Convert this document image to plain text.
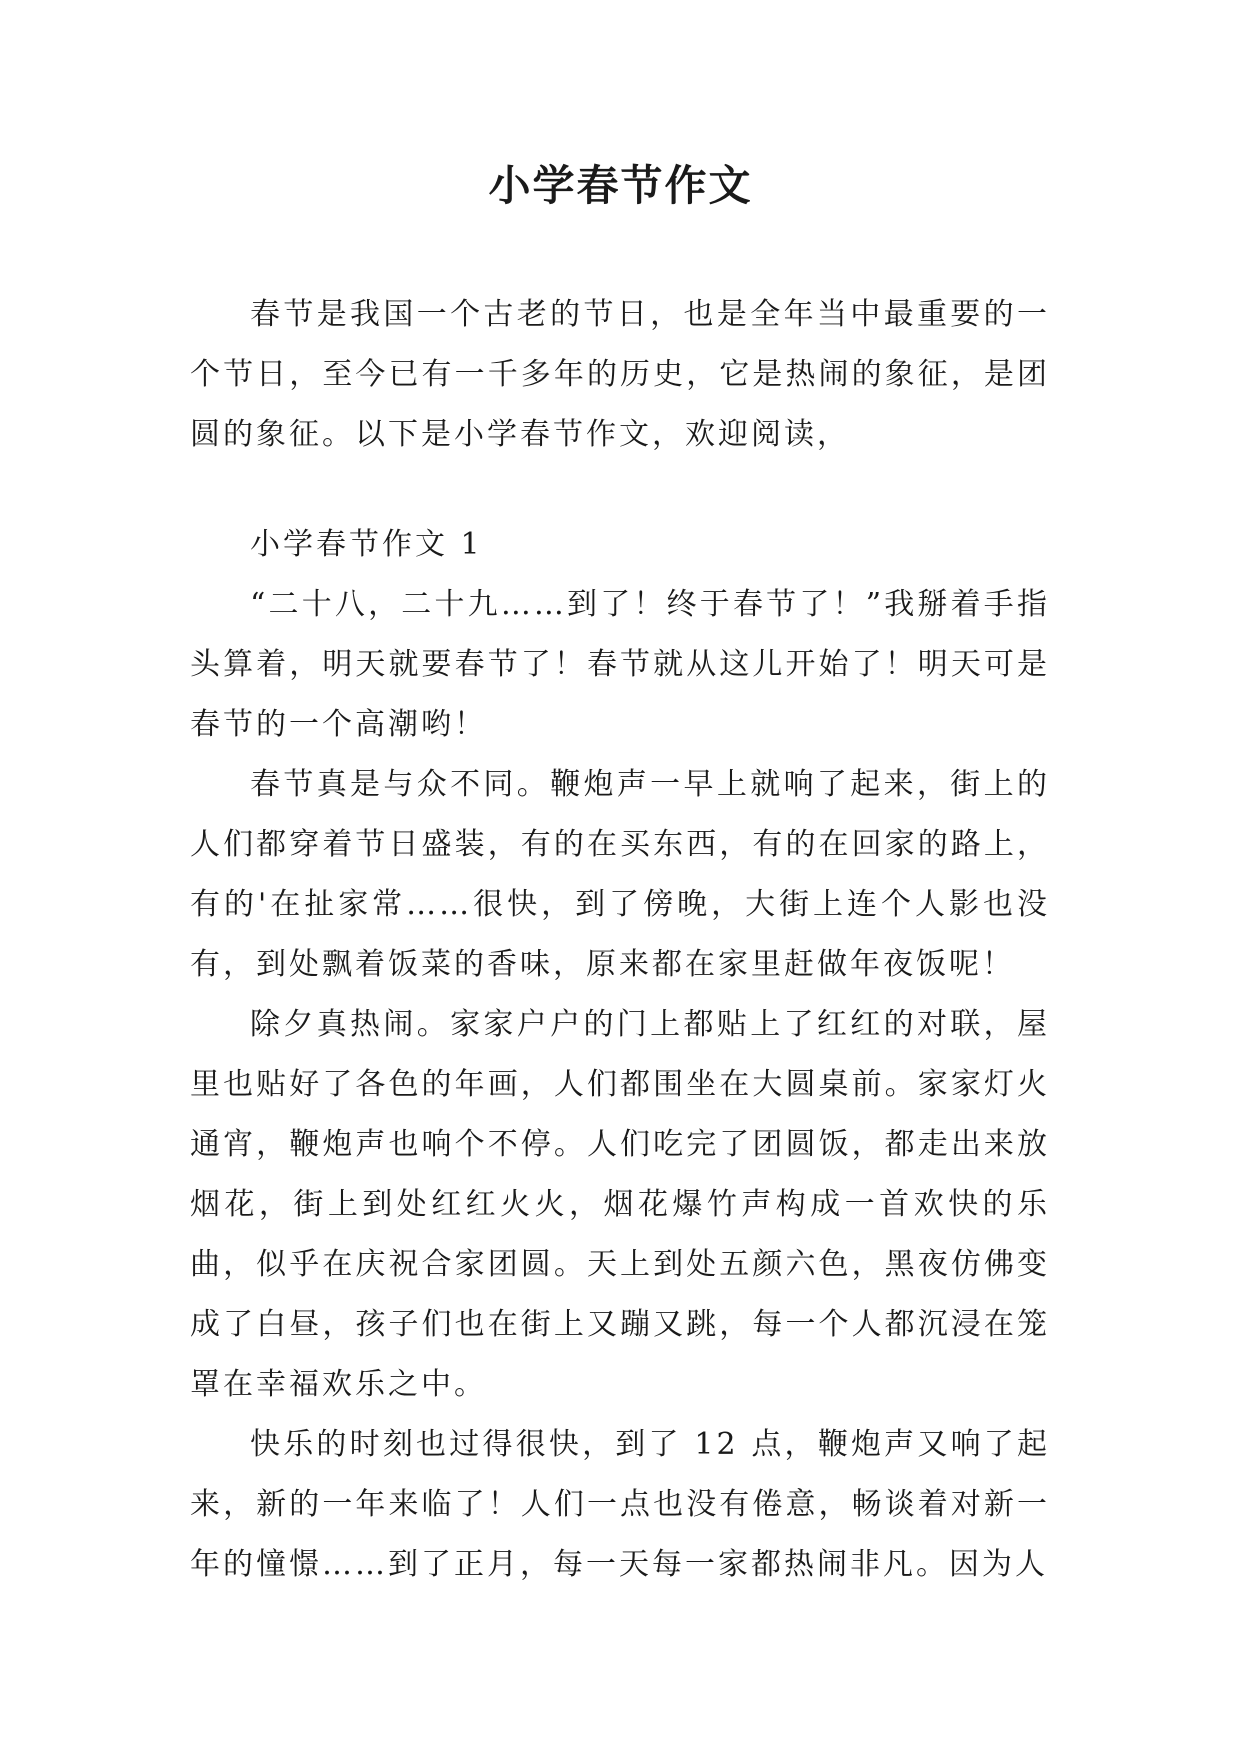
小学春节作文

春节是我国一个古老的节日，也是全年当中最重要的一个节日，至今已有一千多年的历史，它是热闹的象征，是团圆的象征。以下是小学春节作文，欢迎阅读，

小学春节作文 1

“二十八，二十九……到了！终于春节了！”我掰着手指头算着，明天就要春节了！春节就从这儿开始了！明天可是春节的一个高潮哟！

春节真是与众不同。鞭炮声一早上就响了起来，街上的人们都穿着节日盛装，有的在买东西，有的在回家的路上，有的'在扯家常……很快，到了傍晚，大街上连个人影也没有，到处飘着饭菜的香味，原来都在家里赶做年夜饭呢！

除夕真热闹。家家户户的门上都贴上了红红的对联，屋里也贴好了各色的年画，人们都围坐在大圆桌前。家家灯火通宵，鞭炮声也响个不停。人们吃完了团圆饭，都走出来放烟花，街上到处红红火火，烟花爆竹声构成一首欢快的乐曲，似乎在庆祝合家团圆。天上到处五颜六色，黑夜仿佛变成了白昼，孩子们也在街上又蹦又跳，每一个人都沉浸在笼罩在幸福欢乐之中。

快乐的时刻也过得很快，到了 12 点，鞭炮声又响了起来，新的一年来临了！人们一点也没有倦意，畅谈着对新一年的憧憬……到了正月，每一天每一家都热闹非凡。因为人
